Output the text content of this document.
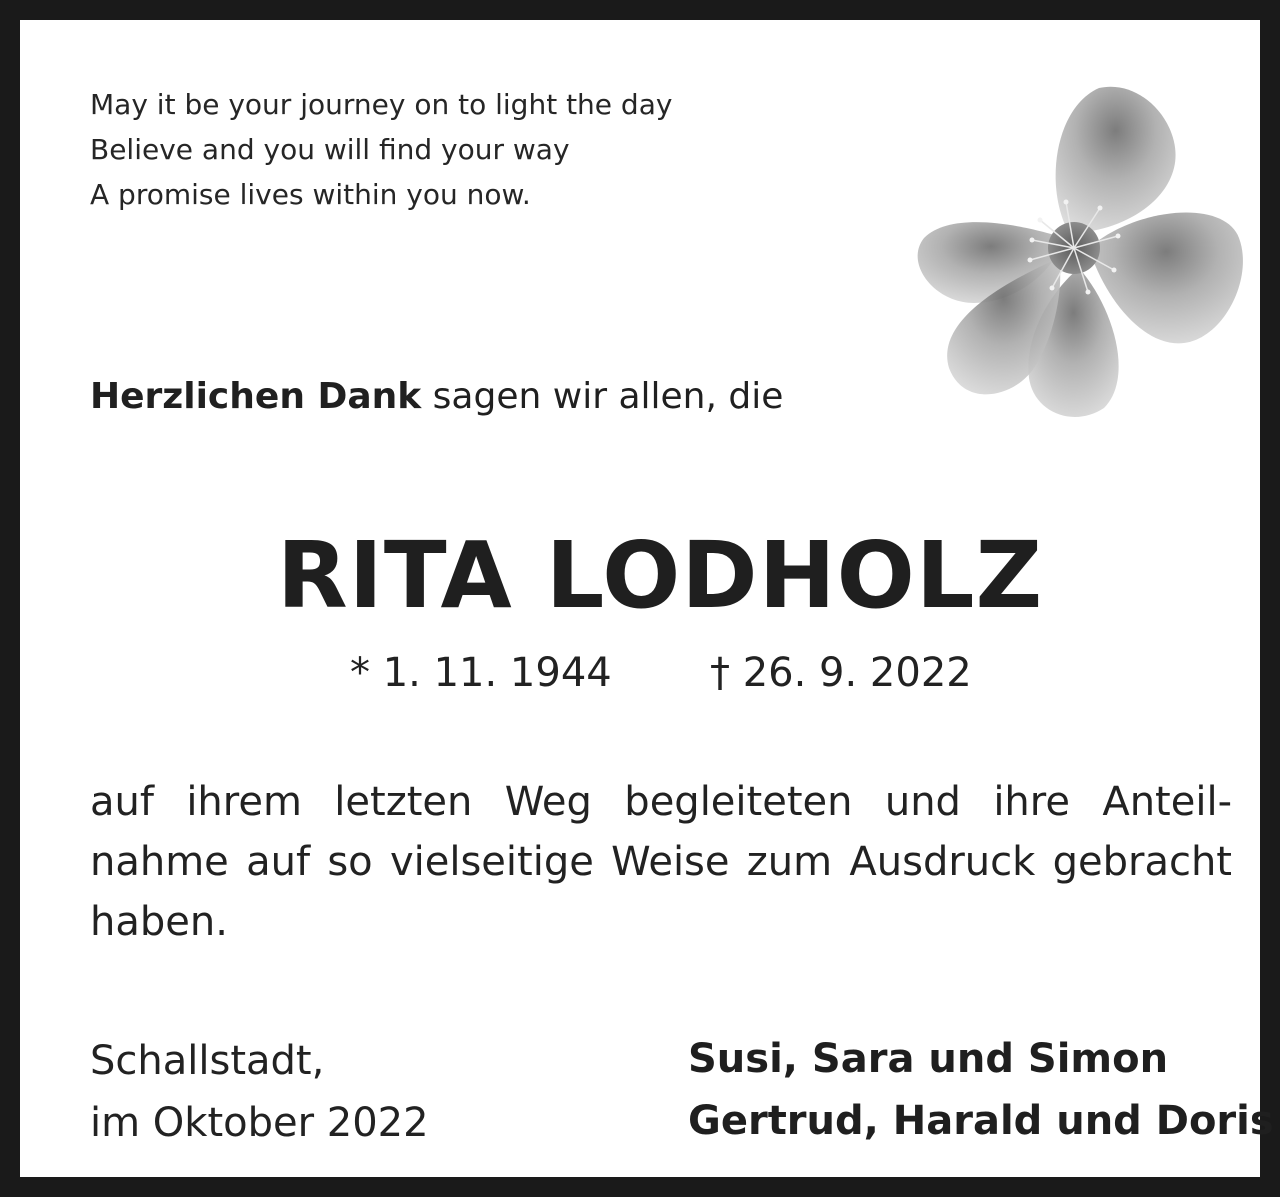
May it be your journey on to light the day
Believe and you will find your way
A promise lives within you now.
Herzlichen Dank sagen wir allen, die
RITA LODHOLZ
* 1. 11. 1944 † 26. 9. 2022
auf ihrem letzten Weg begleiteten und ihre Anteil-
nahme auf so vielseitige Weise zum Ausdruck gebracht
haben.
Schallstadt,
im Oktober 2022
Susi, Sara und Simon
Gertrud, Harald und Doris
